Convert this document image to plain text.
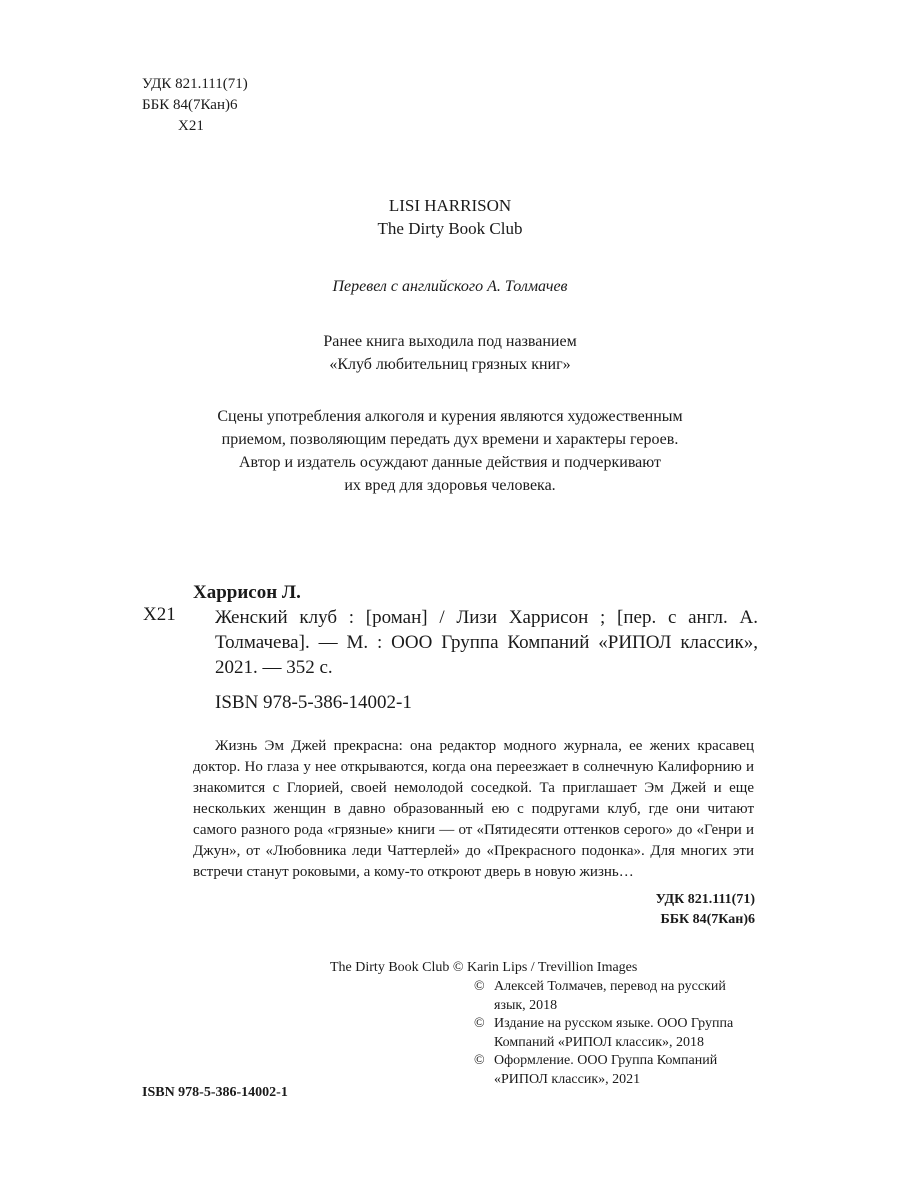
УДК 821.111(71)
ББК 84(7Кан)6
Х21
LISI HARRISON
The Dirty Book Club
Перевел с английского А. Толмачев
Ранее книга выходила под названием
«Клуб любительниц грязных книг»
Сцены употребления алкоголя и курения являются художественным
приемом, позволяющим передать дух времени и характеры героев.
Автор и издатель осуждают данные действия и подчеркивают
их вред для здоровья человека.
Х21
Харрисон Л.
Женский клуб : [роман] / Лизи Харрисон ; [пер. с англ. А. Толмачева]. — М. : ООО Группа Компаний «РИПОЛ классик», 2021. — 352 с.
ISBN 978-5-386-14002-1
Жизнь Эм Джей прекрасна: она редактор модного журнала, ее жених красавец доктор. Но глаза у нее открываются, когда она переезжает в солнечную Калифорнию и знакомится с Глорией, своей немолодой соседкой. Та приглашает Эм Джей и еще нескольких женщин в давно образованный ею с подругами клуб, где они читают самого разного рода «грязные» книги — от «Пятидесяти оттенков серого» до «Генри и Джун», от «Любовника леди Чаттерлей» до «Прекрасного подонка». Для многих эти встречи станут роковыми, а кому-то откроют дверь в новую жизнь…
УДК 821.111(71)
ББК 84(7Кан)6
The Dirty Book Club © Karin Lips / Trevillion Images
© Алексей Толмачев, перевод на русский язык, 2018
© Издание на русском языке. ООО Группа Компаний «РИПОЛ классик», 2018
© Оформление. ООО Группа Компаний «РИПОЛ классик», 2021
ISBN 978-5-386-14002-1
